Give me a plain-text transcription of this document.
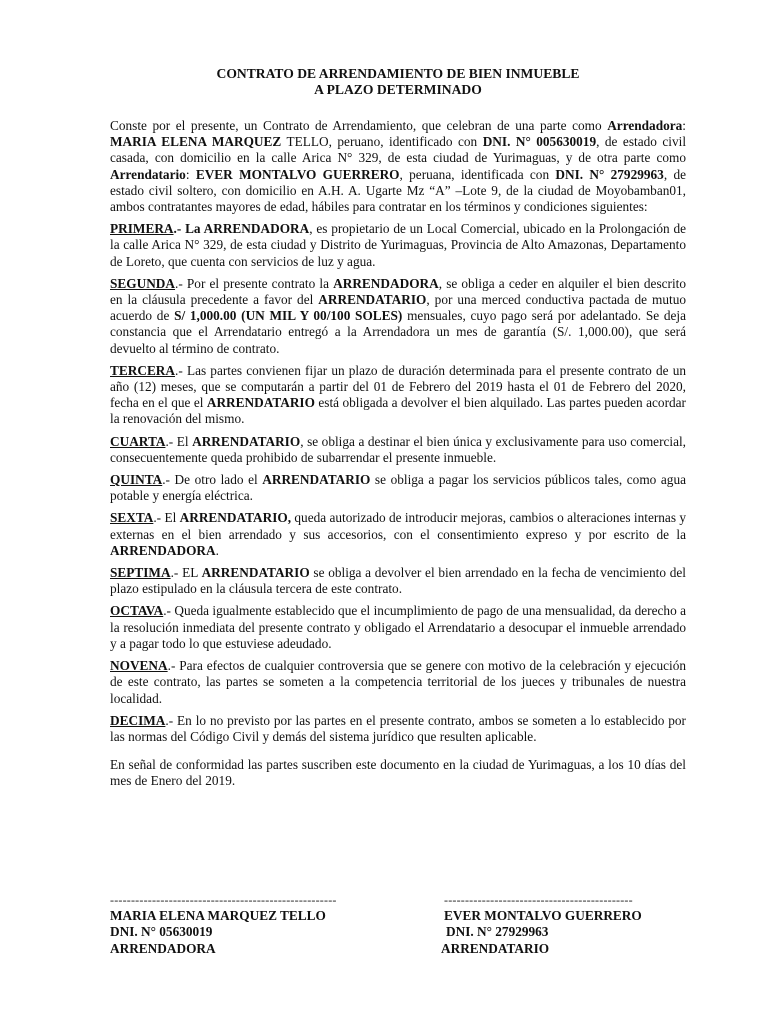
CONTRATO DE ARRENDAMIENTO DE BIEN INMUEBLE
A PLAZO DETERMINADO

Conste por el presente, un Contrato de Arrendamiento, que celebran de una parte como Arrendadora: MARIA ELENA MARQUEZ TELLO, peruano, identificado con DNI. N° 005630019, de estado civil casada, con domicilio en la calle Arica N° 329, de esta ciudad de Yurimaguas, y de otra parte como Arrendatario: EVER MONTALVO GUERRERO, peruana, identificada con DNI. N° 27929963, de estado civil soltero, con domicilio en A.H. A. Ugarte Mz “A” –Lote 9, de la ciudad de Moyobamban01, ambos contratantes mayores de edad, hábiles para contratar en los términos y condiciones siguientes:

PRIMERA.- La ARRENDADORA, es propietario de un Local Comercial, ubicado en la Prolongación de la calle Arica N° 329, de esta ciudad y Distrito de Yurimaguas, Provincia de Alto Amazonas, Departamento de Loreto, que cuenta con servicios de luz y agua.

SEGUNDA.- Por el presente contrato la ARRENDADORA, se obliga a ceder en alquiler el bien descrito en la cláusula precedente a favor del ARRENDATARIO, por una merced conductiva pactada de mutuo acuerdo de S/ 1,000.00 (UN MIL Y 00/100 SOLES) mensuales, cuyo pago será por adelantado. Se deja constancia que el Arrendatario entregó a la Arrendadora un mes de garantía (S/. 1,000.00), que será devuelto al término de contrato.

TERCERA.- Las partes convienen fijar un plazo de duración determinada para el presente contrato de un año (12) meses, que se computarán a partir del 01 de Febrero del 2019 hasta el 01 de Febrero del 2020, fecha en el que el ARRENDATARIO está obligada a devolver el bien alquilado. Las partes pueden acordar la renovación del mismo.

CUARTA.- El ARRENDATARIO, se obliga a destinar el bien única y exclusivamente para uso comercial, consecuentemente queda prohibido de subarrendar el presente inmueble.

QUINTA.- De otro lado el ARRENDATARIO se obliga a pagar los servicios públicos tales, como agua potable y energía eléctrica.

SEXTA.- El ARRENDATARIO, queda autorizado de introducir mejoras, cambios o alteraciones internas y externas en el bien arrendado y sus accesorios, con el consentimiento expreso y por escrito de la ARRENDADORA.

SEPTIMA.- EL ARRENDATARIO se obliga a devolver el bien arrendado en la fecha de vencimiento del plazo estipulado en la cláusula tercera de este contrato.

OCTAVA.- Queda igualmente establecido que el incumplimiento de pago de una mensualidad, da derecho a la resolución inmediata del presente contrato y obligado el Arrendatario a desocupar el inmueble arrendado y a pagar todo lo que estuviese adeudado.

NOVENA.- Para efectos de cualquier controversia que se genere con motivo de la celebración y ejecución de este contrato, las partes se someten a la competencia territorial de los jueces y tribunales de nuestra localidad.

DECIMA.- En lo no previsto por las partes en el presente contrato, ambos se someten a lo establecido por las normas del Código Civil y demás del sistema jurídico que resulten aplicable.

En señal de conformidad las partes suscriben este documento en la ciudad de Yurimaguas, a los 10 días del mes de Enero del 2019.

------------------------------------------------------
MARIA ELENA MARQUEZ TELLO
DNI. N° 05630019
ARRENDADORA
---------------------------------------------
EVER MONTALVO GUERRERO
DNI. N° 27929963
ARRENDATARIO
